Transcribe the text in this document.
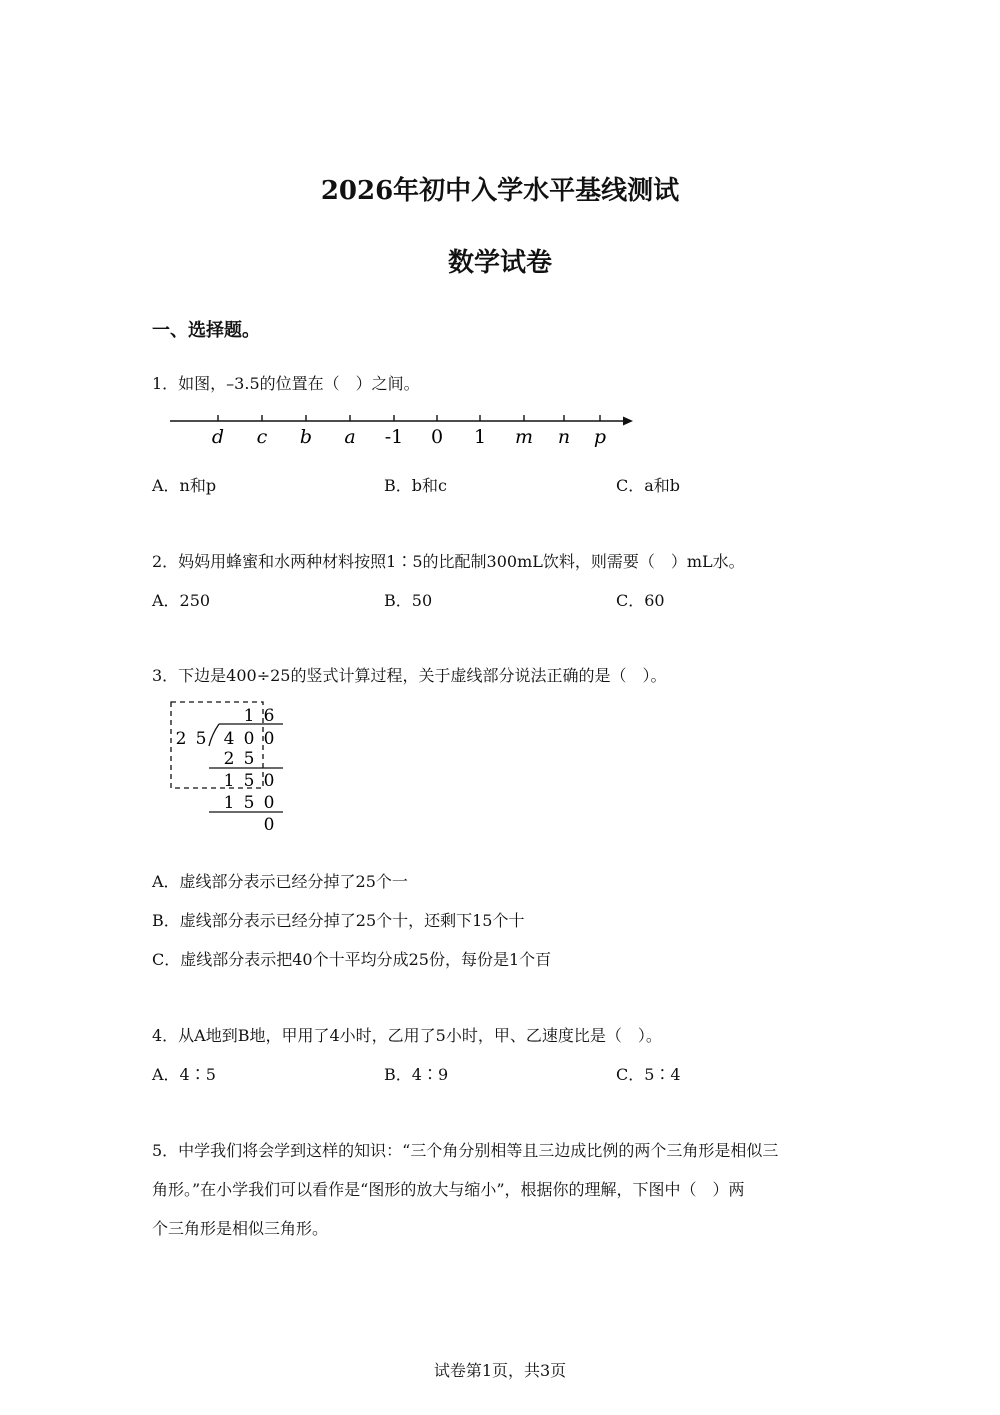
2026年初中入学水平基线测试
数学试卷
一、选择题。
1．如图，–3.5的位置在（　）之间。
d c b a -1 0 1 m n p
A．n和p	B．b和c	C．a和b
2．妈妈用蜂蜜和水两种材料按照1∶5的比配制300mL饮料，则需要（　）mL水。
A．250	B．50	C．60
3．下边是400÷25的竖式计算过程，关于虚线部分说法正确的是（　）。
1 6
2 5 4 0 0
2 5
1 5 0
1 5 0
0
A．虚线部分表示已经分掉了25个一
B．虚线部分表示已经分掉了25个十，还剩下15个十
C．虚线部分表示把40个十平均分成25份，每份是1个百
4．从A地到B地，甲用了4小时，乙用了5小时，甲、乙速度比是（　）。
A．4∶5	B．4∶9	C．5∶4
5．中学我们将会学到这样的知识：“三个角分别相等且三边成比例的两个三角形是相似三
角形。”在小学我们可以看作是“图形的放大与缩小”，根据你的理解，下图中（　）两
个三角形是相似三角形。
试卷第1页，共3页
